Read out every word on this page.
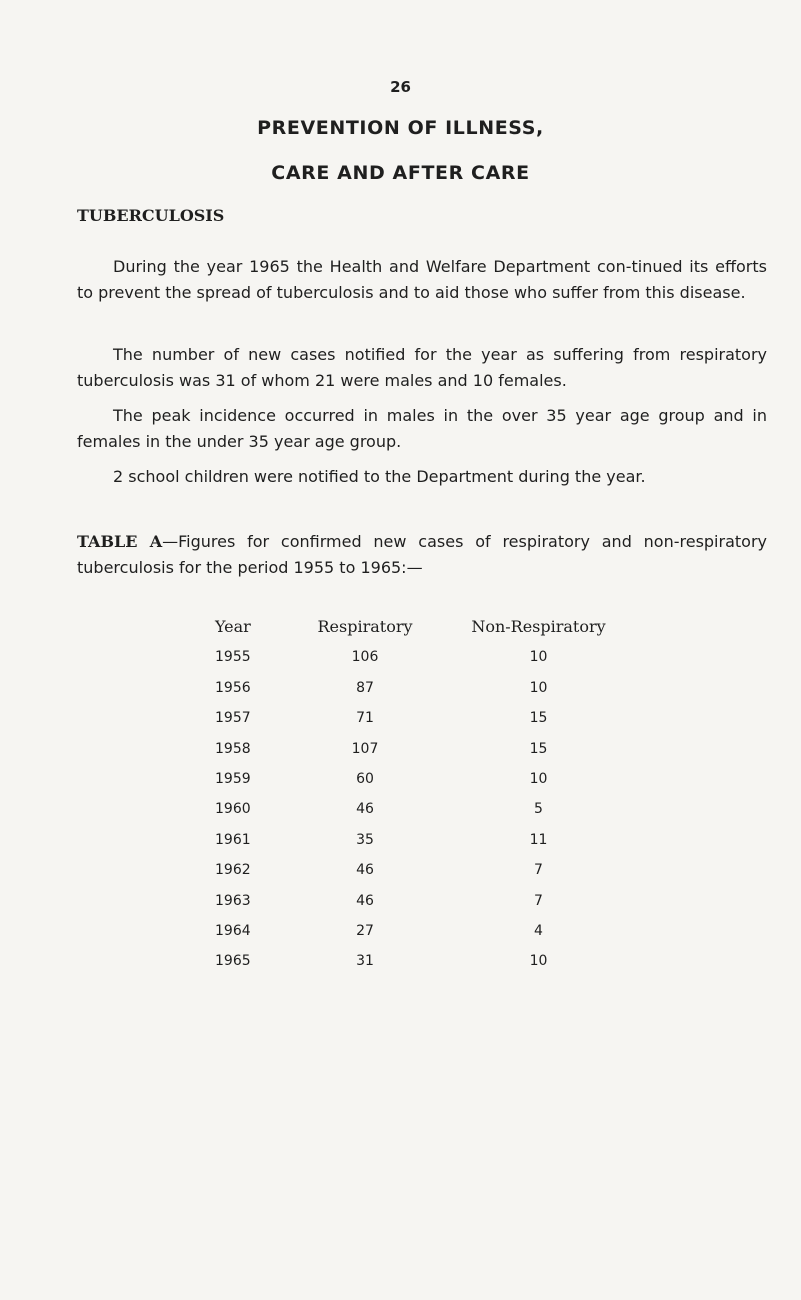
26
PREVENTION OF ILLNESS,
CARE AND AFTER CARE
TUBERCULOSIS

During the year 1965 the Health and Welfare Department con-tinued its efforts to prevent the spread of tuberculosis and to aid those who suffer from this disease.

The number of new cases notified for the year as suffering from respiratory tuberculosis was 31 of whom 21 were males and 10 females.

The peak incidence occurred in males in the over 35 year age group and in females in the under 35 year age group.

2 school children were notified to the Department during the year.

TABLE A—Figures for confirmed new cases of respiratory and non-respiratory tuberculosis for the period 1955 to 1965:—

Year	Respiratory	Non-Respiratory
1955	106	10
1956	87	10
1957	71	15
1958	107	15
1959	60	10
1960	46	5
1961	35	11
1962	46	7
1963	46	7
1964	27	4
1965	31	10
